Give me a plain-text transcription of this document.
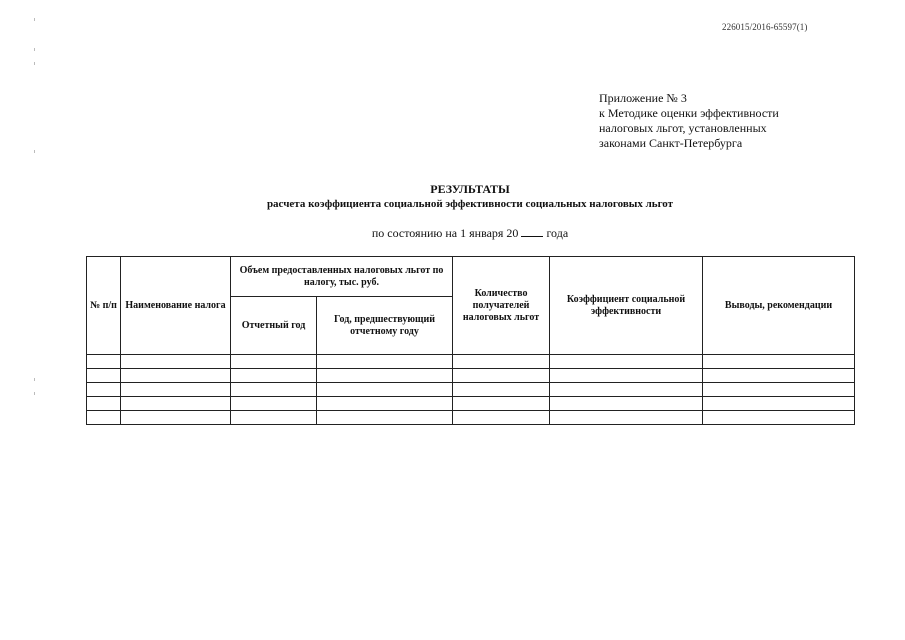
226015/2016-65597(1)
Приложение № 3
к Методике оценки эффективности
налоговых льгот, установленных
законами Санкт-Петербурга
РЕЗУЛЬТАТЫ
расчета коэффициента социальной эффективности социальных налоговых льгот
по состоянию на 1 января 20 года
№ п/п	Наименование налога	Объем предоставленных налоговых льгот по налогу, тыс. руб.		Количество получателей налоговых льгот	Коэффициент социальной эффективности	Выводы, рекомендации
		Отчетный год	Год, предшествующий отчетному году			
